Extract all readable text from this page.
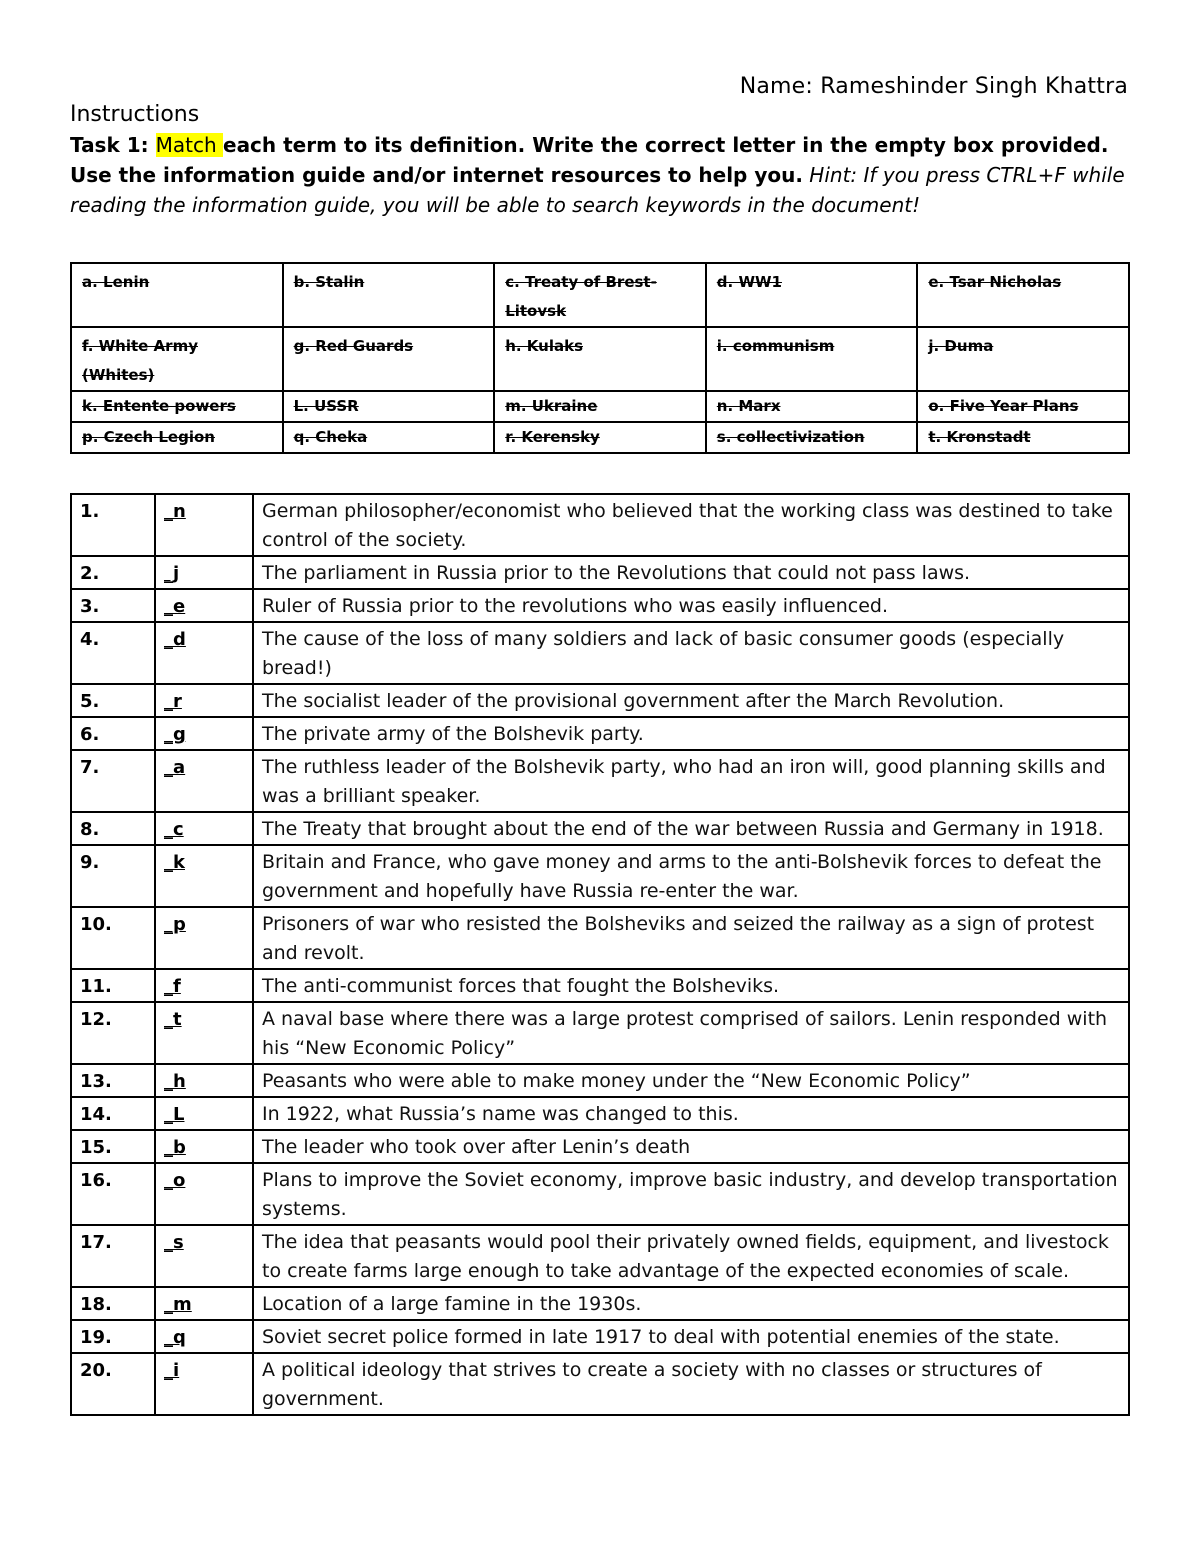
Name: Rameshinder Singh Khattra
Instructions
Task 1: Match each term to its definition. Write the correct letter in the empty box provided. Use the information guide and/or internet resources to help you. Hint: If you press CTRL+F while reading the information guide, you will be able to search keywords in the document!
a. Lenin	b. Stalin	c. Treaty of Brest-Litovsk	d. WW1	e. Tsar Nicholas
f. White Army (Whites)	g. Red Guards	h. Kulaks	i. communism	j. Duma
k. Entente powers	L. USSR	m. Ukraine	n. Marx	o. Five Year Plans
p. Czech Legion	q. Cheka	r. Kerensky	s. collectivization	t. Kronstadt
1.	_n	German philosopher/economist who believed that the working class was destined to take control of the society.
2.	_j	The parliament in Russia prior to the Revolutions that could not pass laws.
3.	_e	Ruler of Russia prior to the revolutions who was easily influenced.
4.	_d	The cause of the loss of many soldiers and lack of basic consumer goods (especially bread!)
5.	_r	The socialist leader of the provisional government after the March Revolution.
6.	_g	The private army of the Bolshevik party.
7.	_a	The ruthless leader of the Bolshevik party, who had an iron will, good planning skills and was a brilliant speaker.
8.	_c	The Treaty that brought about the end of the war between Russia and Germany in 1918.
9.	_k	Britain and France, who gave money and arms to the anti-Bolshevik forces to defeat the government and hopefully have Russia re-enter the war.
10.	_p	Prisoners of war who resisted the Bolsheviks and seized the railway as a sign of protest and revolt.
11.	_f	The anti-communist forces that fought the Bolsheviks.
12.	_t	A naval base where there was a large protest comprised of sailors. Lenin responded with his “New Economic Policy”
13.	_h	Peasants who were able to make money under the “New Economic Policy”
14.	_L	In 1922, what Russia’s name was changed to this.
15.	_b	The leader who took over after Lenin’s death
16.	_o	Plans to improve the Soviet economy, improve basic industry, and develop transportation systems.
17.	_s	The idea that peasants would pool their privately owned fields, equipment, and livestock to create farms large enough to take advantage of the expected economies of scale.
18.	_m	Location of a large famine in the 1930s.
19.	_q	Soviet secret police formed in late 1917 to deal with potential enemies of the state.
20.	_i	A political ideology that strives to create a society with no classes or structures of government.
